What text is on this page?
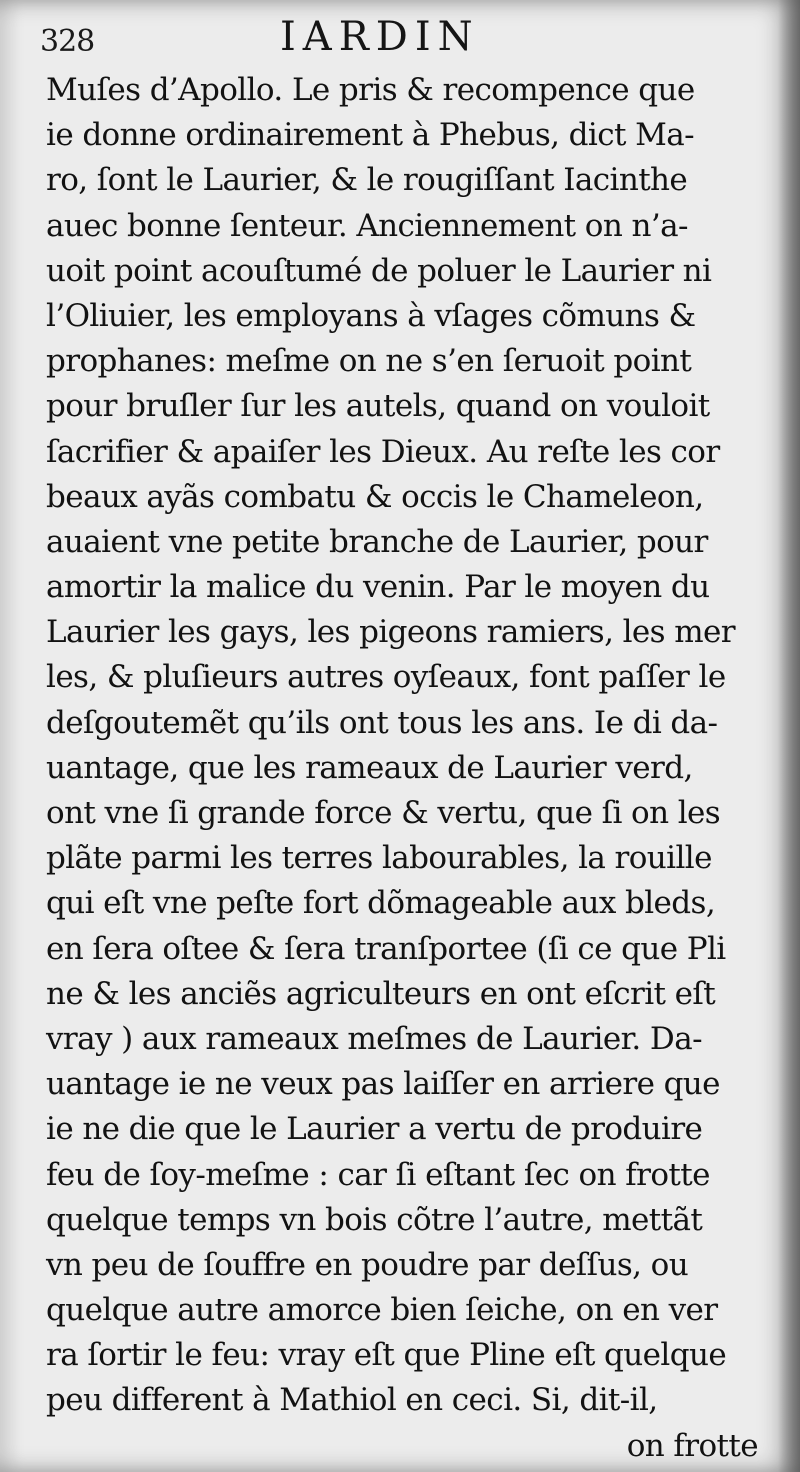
328	IARDIN
Muſes d’Apollo. Le pris & recompence que
ie donne ordinairement à Phebus, dict Ma-
ro, ſont le Laurier, & le rougiſſant Iacinthe
auec bonne ſenteur. Anciennement on n’a-
uoit point acouſtumé de poluer le Laurier ni
l’Oliuier, les employans à vſages cõmuns &
prophanes: meſme on ne s’en ſeruoit point
pour bruſler ſur les autels, quand on vouloit
ſacrifier & apaiſer les Dieux. Au reſte les cor
beaux ayãs combatu & occis le Chameleon,
auaient vne petite branche de Laurier, pour
amortir la malice du venin. Par le moyen du
Laurier les gays, les pigeons ramiers, les mer
les, & pluſieurs autres oyſeaux, font paſſer le
deſgoutemẽt qu’ils ont tous les ans. Ie di da-
uantage, que les rameaux de Laurier verd,
ont vne ſi grande force & vertu, que ſi on les
plãte parmi les terres labourables, la rouille
qui eſt vne peſte fort dõmageable aux bleds,
en ſera oſtee & ſera tranſportee (ſi ce que Pli
ne & les anciẽs agriculteurs en ont eſcrit eſt
vray ) aux rameaux meſmes de Laurier. Da-
uantage ie ne veux pas laiſſer en arriere que
ie ne die que le Laurier a vertu de produire
feu de ſoy-meſme : car ſi eſtant ſec on frotte
quelque temps vn bois cõtre l’autre, mettãt
vn peu de ſouffre en poudre par deſſus, ou
quelque autre amorce bien ſeiche, on en ver
ra ſortir le feu: vray eſt que Pline eſt quelque
peu different à Mathiol en ceci. Si, dit-il,
on frotte
